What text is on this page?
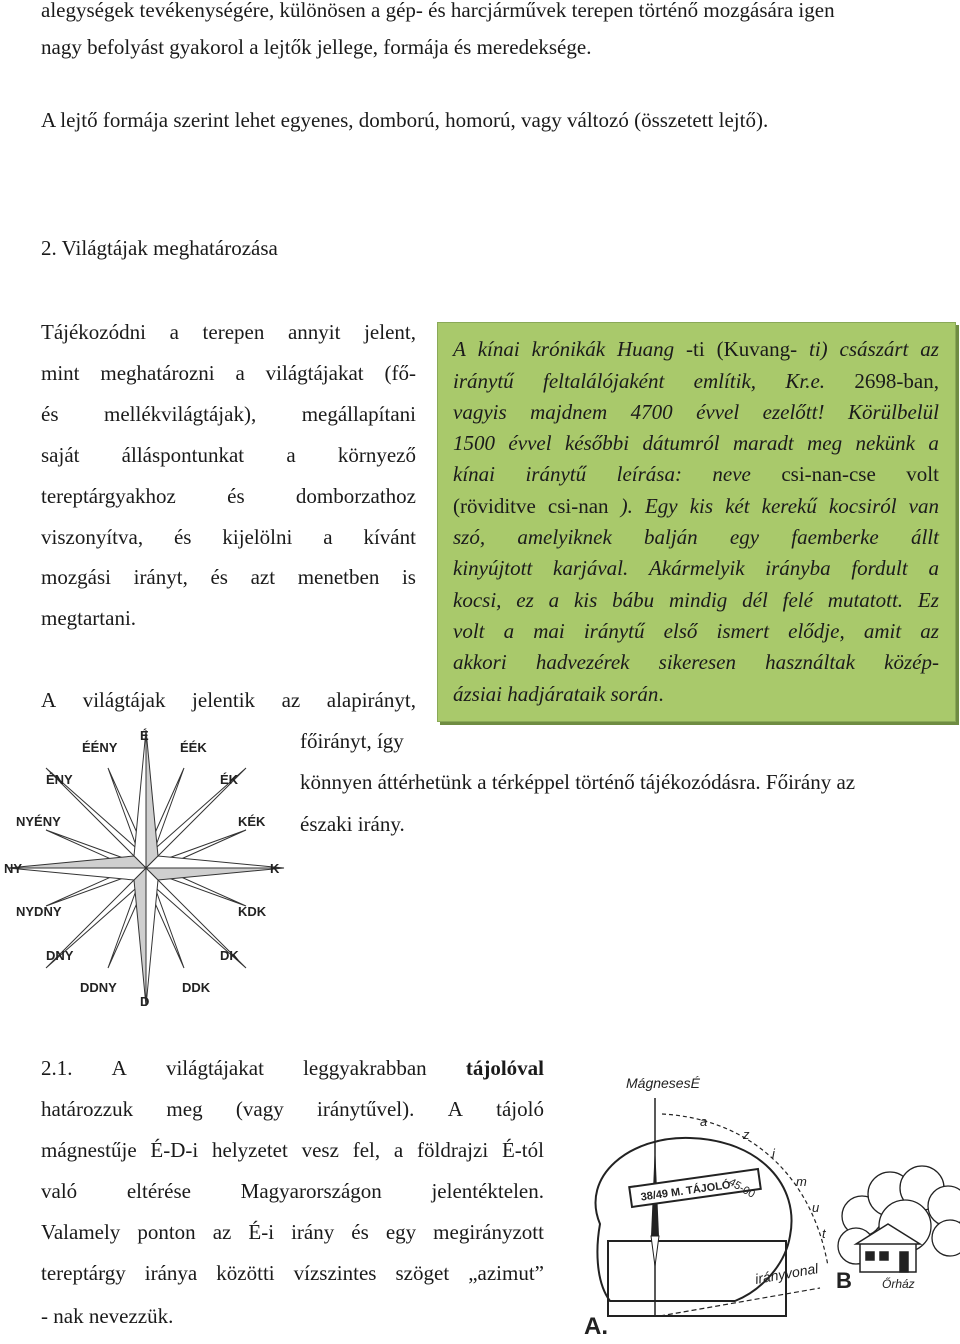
alegységek tevékenységére, különösen a gép- és harcjárművek terepen történő mozgására igen
nagy befolyást gyakorol a lejtők jellege, formája és meredeksége.
A lejtő formája szerint lehet egyenes, domború, homorú, vagy változó (összetett lejtő).
2. Világtájak meghatározása
Tájékozódni a terepen annyit jelent,
mint meghatározni a világtájakat (fő-
és mellékvilágtájak), megállapítani
saját álláspontunkat a környező
tereptárgyakhoz és domborzathoz
viszonyítva, és kijelölni a kívánt
mozgási irányt, és azt menetben is
megtartani.
A világtájak jelentik az alapirányt,
főirányt, így
könnyen áttérhetünk a térképpel történő tájékozódásra. Főirány az
északi irány.
A kínai krónikák Huang -ti (Kuvang- ti) császárt az
iránytű feltalálójaként említik, Kr.e. 2698-ban,
vagyis majdnem 4700 évvel ezelőtt! Körülbelül
1500 évvel későbbi dátumról maradt meg nekünk a
kínai iránytű leírása: neve csi-nan-cse volt
(röviditve csi-nan ). Egy kis két kerekű kocsiról van
szó, amelyiknek balján egy faemberke állt
kinyújtott karjával. Akármelyik irányba fordult a
kocsi, ez a kis bábu mindig dél felé mutatott. Ez
volt a mai iránytű első ismert elődje, amit az
akkori hadvezérek sikeresen használtak közép-
ázsiai hadjárataik során.
É
ÉÉNY	ÉÉK
ÉNY	ÉK
NYÉNY	KÉK
NY	K
NYDNY	KDK
DNY	DK
DDNY	DDK
D
2.1. A világtájakat leggyakrabban tájolóval
határozzuk meg (vagy iránytűvel). A tájoló
mágnestűje É-D-i helyzetet vesz fel, a földrajzi É-tól
való eltérése Magyarországon jelentéktelen.
Valamely ponton az É-i irány és egy megirányzott
tereptárgy iránya közötti vízszintes szöget „azimut”
- nak nevezzük.
MágnesesÉ
38/49 M. TÁJOLÓ
a
z
i
m
u
t
45-00
irányvonal	Őrház
B
A.
